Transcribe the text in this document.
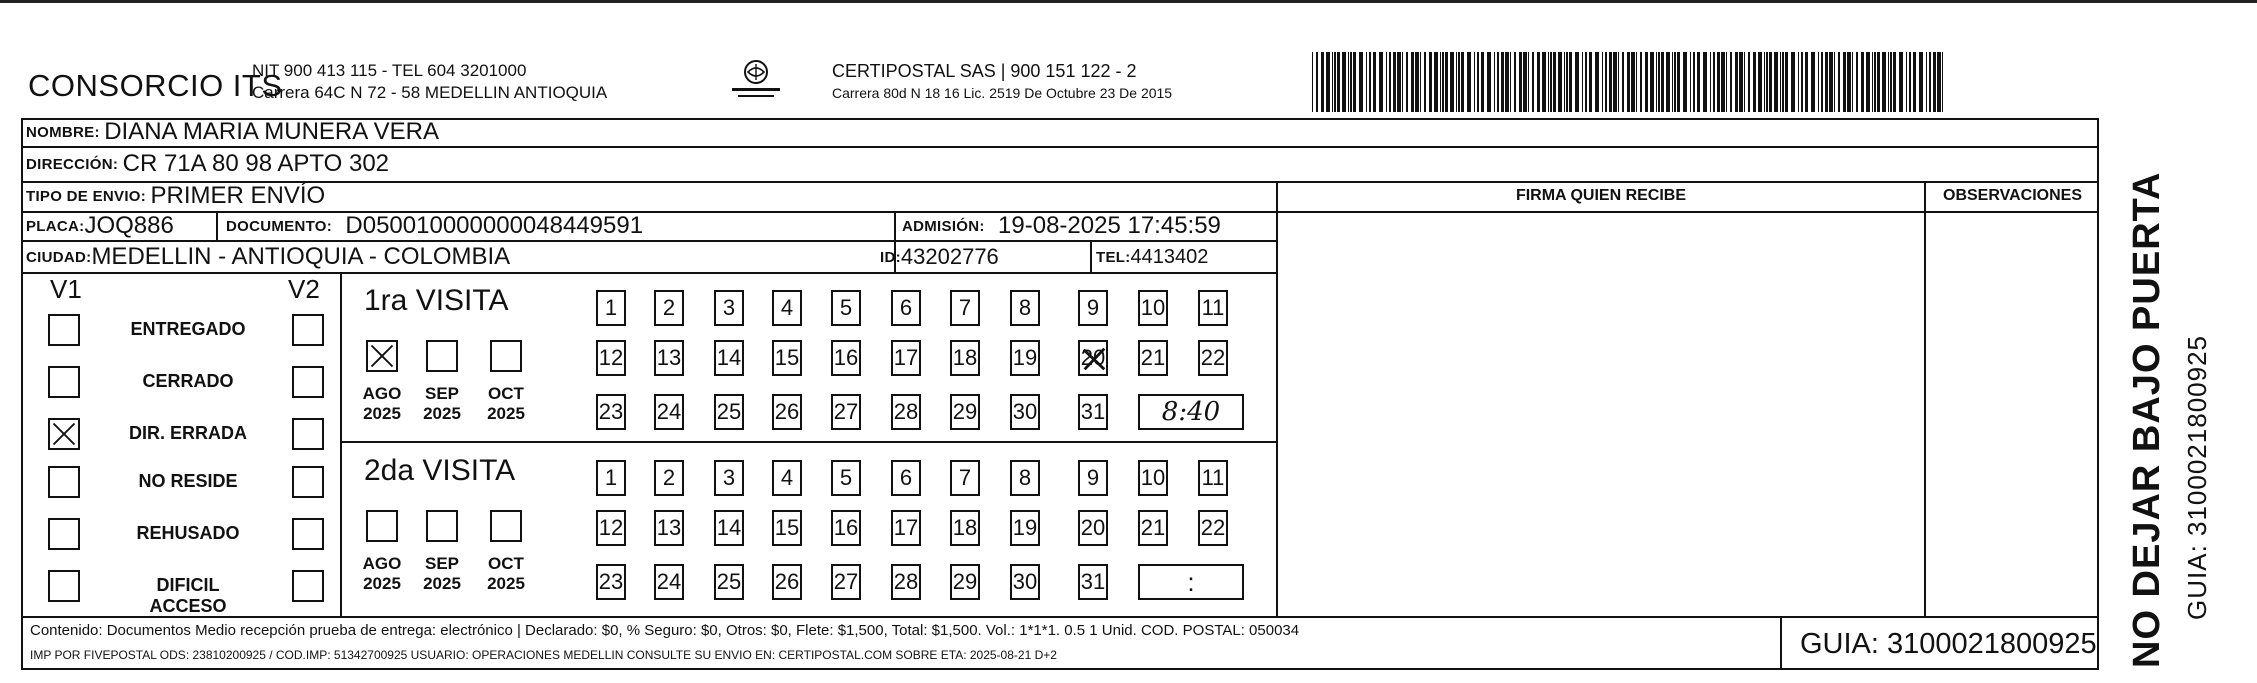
CONSORCIO ITS
NIT 900 413 115 - TEL 604 3201000
Carrera 64C N 72 - 58 MEDELLIN ANTIOQUIA
CERTIPOSTAL SAS | 900 151 122 - 2
Carrera 80d N 18 16 Lic. 2519 De Octubre 23 De 2015
NOMBRE:
DIANA MARIA MUNERA VERA
DIRECCIÓN:
CR 71A 80 98 APTO 302
TIPO DE ENVIO:
PRIMER ENVÍO
PLACA: JOQ886	DOCUMENTO:
D050010000000048449591	ADMISIÓN:
19-08-2025 17:45:59
CIUDAD: MEDELLIN - ANTIOQUIA - COLOMBIA	ID: 43202776	TEL: 4413402
FIRMA QUIEN RECIBE	OBSERVACIONES
V1	V2
ENTREGADO
CERRADO
DIR. ERRADA
NO RESIDE
REHUSADO
DIFICIL ACCESO
1ra VISITA
AGO
2025
SEP
2025
OCT
2025
1	2	3	4	5	6	7	8	9	10 11
12 13 14 15 16 17 18 19 20 21 22
23 24 25 26 27 28 29 30 31	8:40
2da VISITA
AGO
2025
SEP
2025
OCT
2025
1	2	3	4	5	6	7	8	9	10 11
12 13 14 15 16 17 18 19 20 21 22
23 24 25 26 27 28 29 30 31	:
Contenido: Documentos Medio recepción prueba de entrega: electrónico | Declarado: $0, % Seguro: $0, Otros: $0, Flete: $1,500, Total: $1,500. Vol.: 1*1*1. 0.5 1 Unid. COD. POSTAL: 050034
IMP POR FIVEPOSTAL ODS: 23810200925 / COD.IMP: 51342700925 USUARIO: OPERACIONES MEDELLIN CONSULTE SU ENVIO EN: CERTIPOSTAL.COM SOBRE ETA: 2025-08-21 D+2	GUIA: 3100021800925 NO DEJAR BAJO PUERTA GUIA: 3100021800925
